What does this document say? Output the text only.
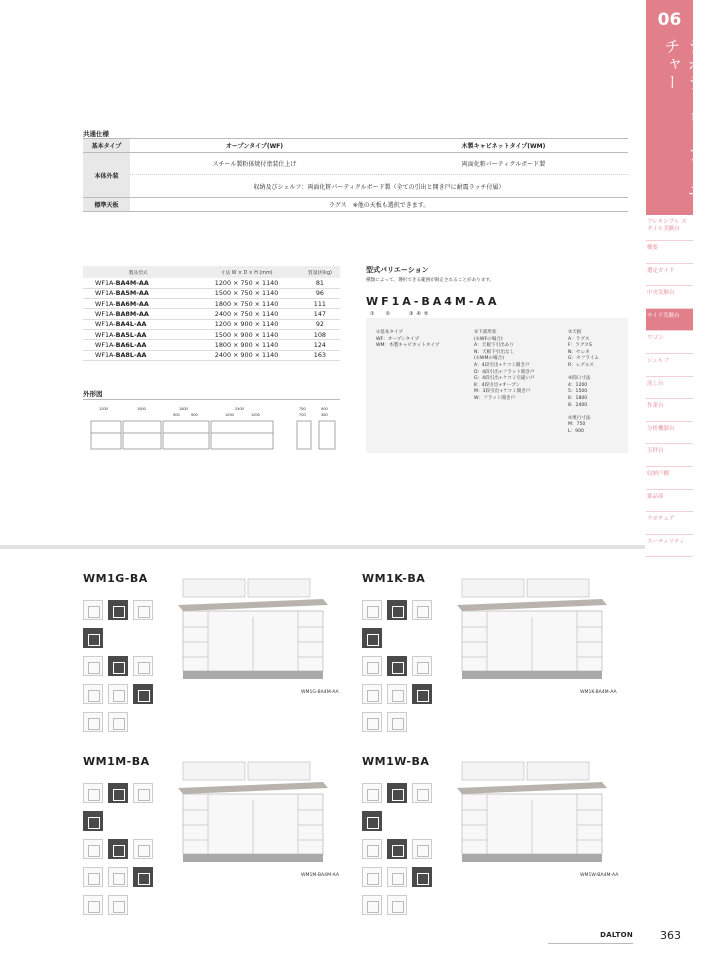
06
ラボラトリーファニチャー
フレキシブル スタイル実験台
概要
選定ガイド
中央実験台
サイド実験台
ワゴン
シェルフ
流し台
作業台
分析機器台
天秤台
収納戸棚
薬品庫
ラボチェア
ユーティリティ
共通仕様
基本タイプ	オープンタイプ(WF)	木製キャビネットタイプ(WM)
本体外装	スチール製粉体焼付塗装仕上げ	両面化粧パーティクルボード製
	収納及びシェルフ：両面化粧パーティクルボード製（全ての引出と開き戸に耐震ラッチ付属）	
標準天板	ラグス　※他の天板も選択できます。	
製品型式	寸法 W × D × H (mm)	質量(約kg)
WF1A-BA4M-AA	1200 × 750 × 1140	81
WF1A-BA5M-AA	1500 × 750 × 1140	96
WF1A-BA6M-AA	1800 × 750 × 1140	111
WF1A-BA8M-AA	2400 × 750 × 1140	147
WF1A-BA4L-AA	1200 × 900 × 1140	92
WF1A-BA5L-AA	1500 × 900 × 1140	108
WF1A-BA6L-AA	1800 × 900 × 1140	124
WF1A-BA8L-AA	2400 × 900 × 1140	163
型式バリエーション
種類によって、選択できる範囲が限定されることがあります。
WF1A-BA4M-AA
①　②　　③④⑤
①基本タイプ
WF：オープンタイプ
WM：木製キャビネットタイプ
②下部形状
(①WFの場合)
A：天板下引出あり
N：天板下引出なし
(①WMの場合)
A：4段引出+ケコミ開き戸
D：4段引出+フラット開き戸
G：4段引出+ケコミ引違い戸
K：4段引出+オープン
M：3段引出+ケコミ開き戸
W：フラット開き戸
③天板
A：ラグス
F：ラグスS
N：セレネ
G：セフライム
R：レグルス
④間口寸法
4：1200
5：1500
6：1800
8：2400
⑤奥行寸法
M：750
L：900
外形図
1200	1500	1800	2400	750	900
900	900	1200	1200	700	350
WM1G-BA
WM1G-BA4M-AA
WM1K-BA
WM1K-BA4M-AA
WM1M-BA
WM1M-BA4M-AA
WM1W-BA
WM1W-BA4M-AA
DALTON 363
